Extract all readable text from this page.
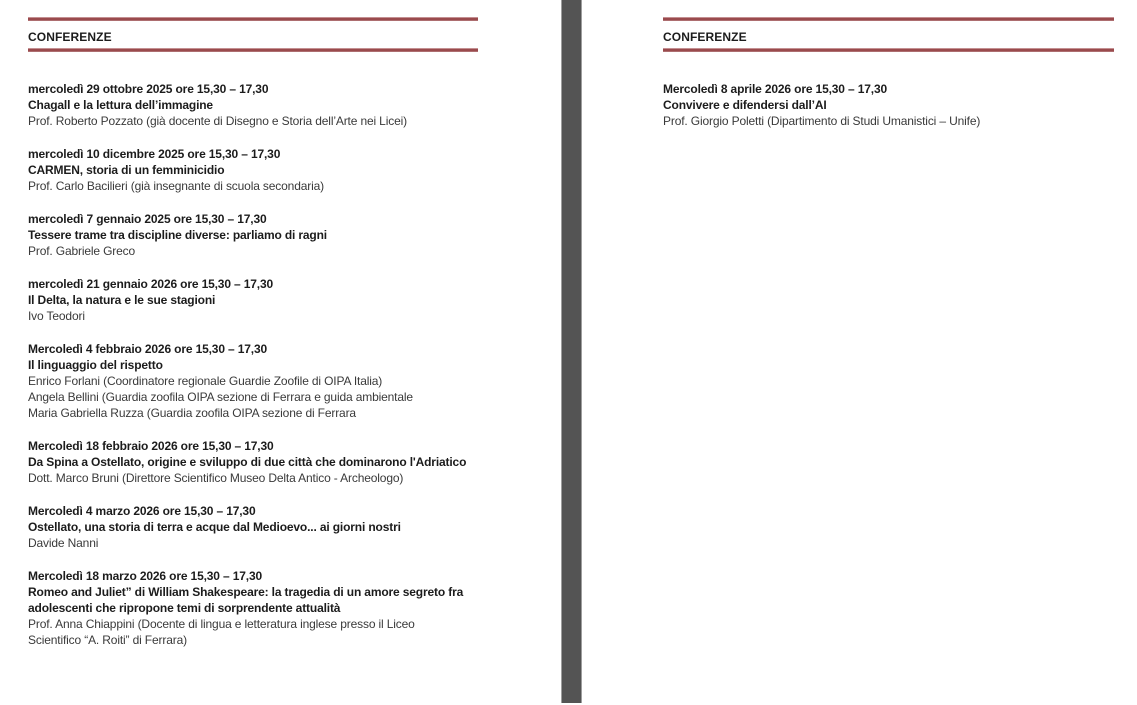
CONFERENZE
mercoledì 29 ottobre 2025 ore 15,30 – 17,30
Chagall e la lettura dell’immagine
Prof. Roberto Pozzato (già docente di Disegno e Storia dell’Arte nei Licei)
mercoledì 10 dicembre 2025 ore 15,30 – 17,30
CARMEN, storia di un femminicidio
Prof. Carlo Bacilieri (già insegnante di scuola secondaria)
mercoledì 7 gennaio 2025 ore 15,30 – 17,30
Tessere trame tra discipline diverse: parliamo di ragni
Prof. Gabriele Greco
mercoledì 21 gennaio 2026 ore 15,30 – 17,30
Il Delta, la natura e le sue stagioni
Ivo Teodori
Mercoledì 4 febbraio 2026 ore 15,30 – 17,30
Il linguaggio del rispetto
Enrico Forlani (Coordinatore regionale Guardie Zoofile di OIPA Italia)
Angela Bellini (Guardia zoofila OIPA sezione di Ferrara e guida ambientale
Maria Gabriella Ruzza (Guardia zoofila OIPA sezione di Ferrara
Mercoledì 18 febbraio 2026 ore 15,30 – 17,30
Da Spina a Ostellato, origine e sviluppo di due città che dominarono l'Adriatico
Dott. Marco Bruni (Direttore Scientifico Museo Delta Antico - Archeologo)
Mercoledì 4 marzo 2026 ore 15,30 – 17,30
Ostellato, una storia di terra e acque dal Medioevo... ai giorni nostri
Davide Nanni
Mercoledì 18 marzo 2026 ore 15,30 – 17,30
Romeo and Juliet” di William Shakespeare: la tragedia di un amore segreto fra
adolescenti che ripropone temi di sorprendente attualità
Prof. Anna Chiappini (Docente di lingua e letteratura inglese presso il Liceo
Scientifico “A. Roiti” di Ferrara)
CONFERENZE
Mercoledì 8 aprile 2026 ore 15,30 – 17,30
Convivere e difendersi dall’AI
Prof. Giorgio Poletti (Dipartimento di Studi Umanistici – Unife)
